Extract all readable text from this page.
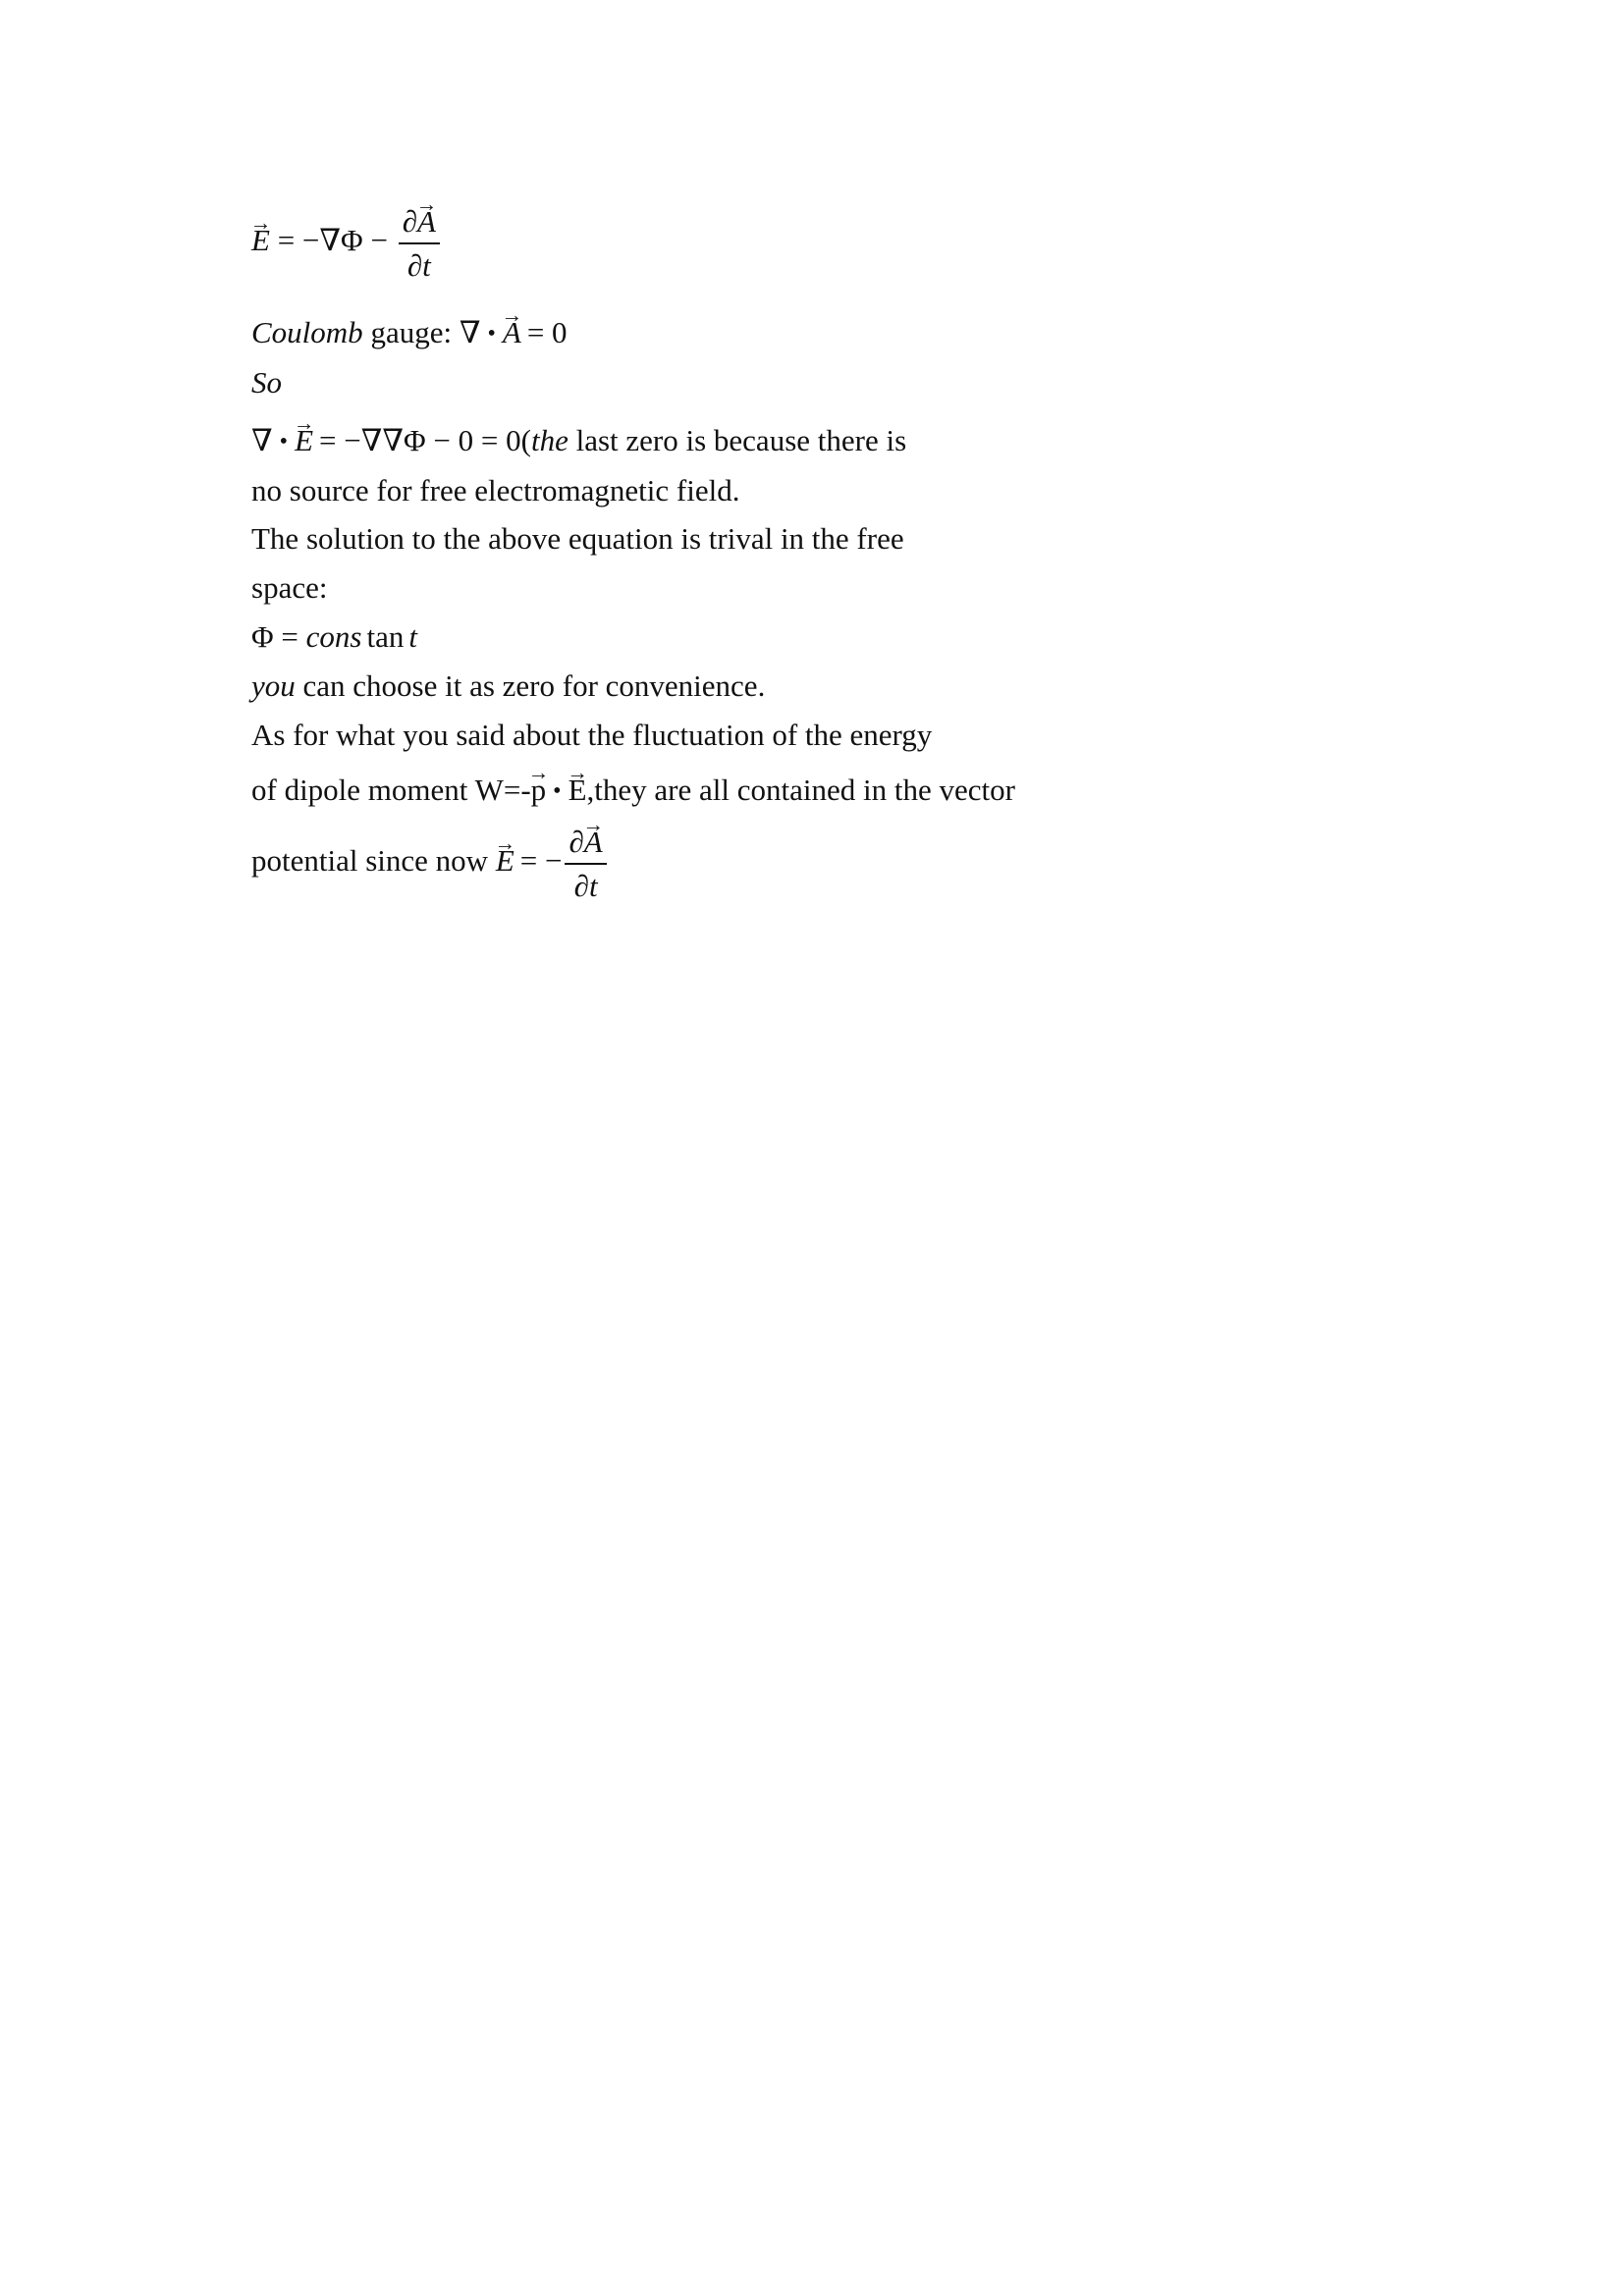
→ $E = -\nabla\Phi - \frac{\partial\to A}{\partial t}$
Coulomb gauge: ∇ • → A = 0
So
∇ • → E = −∇∇Φ − 0 = 0(the last zero is because there is
no source for free electromagnetic field.
The solution to the above equation is trival in the free
space:
Φ = cons tan t
you can choose it as zero for convenience.
As for what you said about the fluctuation of the energy
of dipole moment W=-→ p • → E,they are all contained in the vector
potential since now → E = − $\frac{\partial\to A}{\partial t}$
